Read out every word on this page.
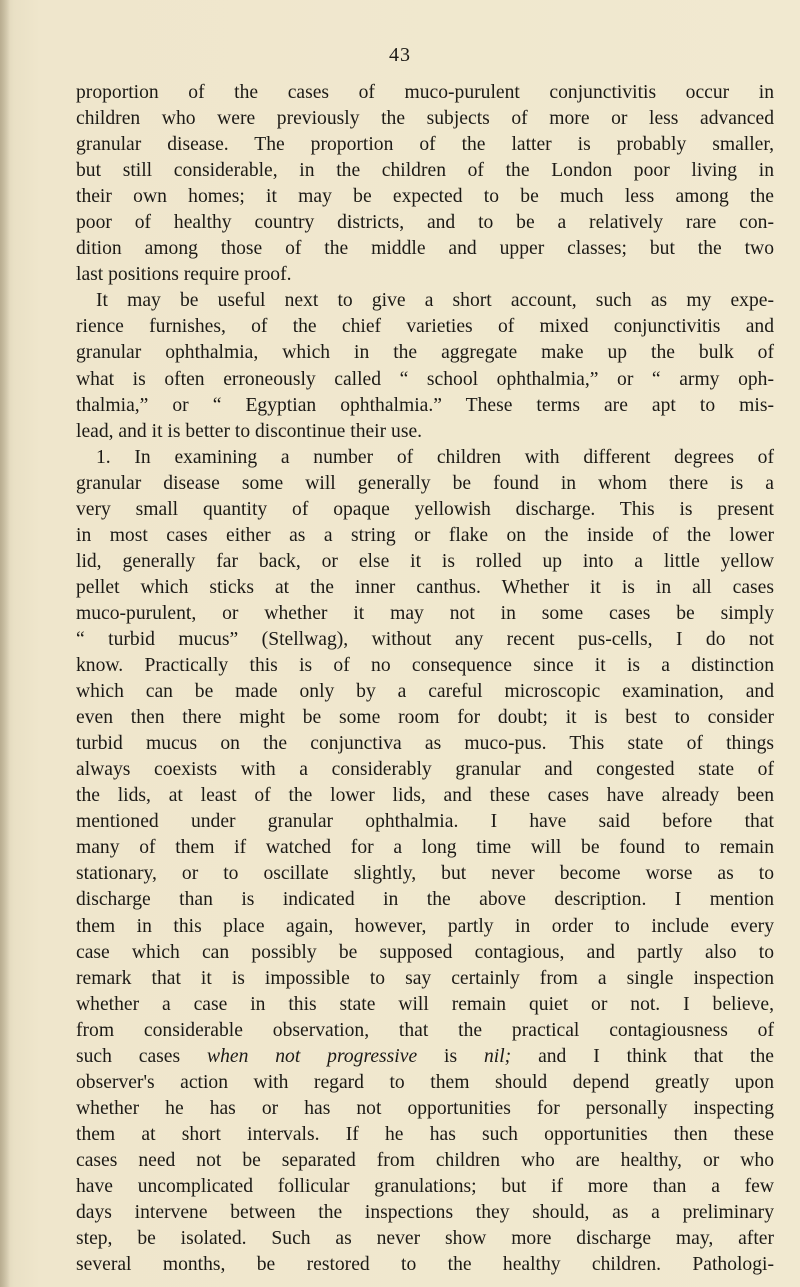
43
proportion of the cases of muco-purulent conjunctivitis occur in
children who were previously the subjects of more or less advanced
granular disease. The proportion of the latter is probably smaller,
but still considerable, in the children of the London poor living in
their own homes; it may be expected to be much less among the
poor of healthy country districts, and to be a relatively rare con-
dition among those of the middle and upper classes; but the two
last positions require proof.
It may be useful next to give a short account, such as my expe-
rience furnishes, of the chief varieties of mixed conjunctivitis and
granular ophthalmia, which in the aggregate make up the bulk of
what is often erroneously called “ school ophthalmia,” or “ army oph-
thalmia,” or “ Egyptian ophthalmia.” These terms are apt to mis-
lead, and it is better to discontinue their use.
1. In examining a number of children with different degrees of
granular disease some will generally be found in whom there is a
very small quantity of opaque yellowish discharge. This is present
in most cases either as a string or flake on the inside of the lower
lid, generally far back, or else it is rolled up into a little yellow
pellet which sticks at the inner canthus. Whether it is in all cases
muco-purulent, or whether it may not in some cases be simply
“ turbid mucus” (Stellwag), without any recent pus-cells, I do not
know. Practically this is of no consequence since it is a distinction
which can be made only by a careful microscopic examination, and
even then there might be some room for doubt; it is best to consider
turbid mucus on the conjunctiva as muco-pus. This state of things
always coexists with a considerably granular and congested state of
the lids, at least of the lower lids, and these cases have already been
mentioned under granular ophthalmia. I have said before that
many of them if watched for a long time will be found to remain
stationary, or to oscillate slightly, but never become worse as to
discharge than is indicated in the above description. I mention
them in this place again, however, partly in order to include every
case which can possibly be supposed contagious, and partly also to
remark that it is impossible to say certainly from a single inspection
whether a case in this state will remain quiet or not. I believe,
from considerable observation, that the practical contagiousness of
such cases when not progressive is nil; and I think that the
observer's action with regard to them should depend greatly upon
whether he has or has not opportunities for personally inspecting
them at short intervals. If he has such opportunities then these
cases need not be separated from children who are healthy, or who
have uncomplicated follicular granulations; but if more than a few
days intervene between the inspections they should, as a preliminary
step, be isolated. Such as never show more discharge may, after
several months, be restored to the healthy children. Pathologi-
